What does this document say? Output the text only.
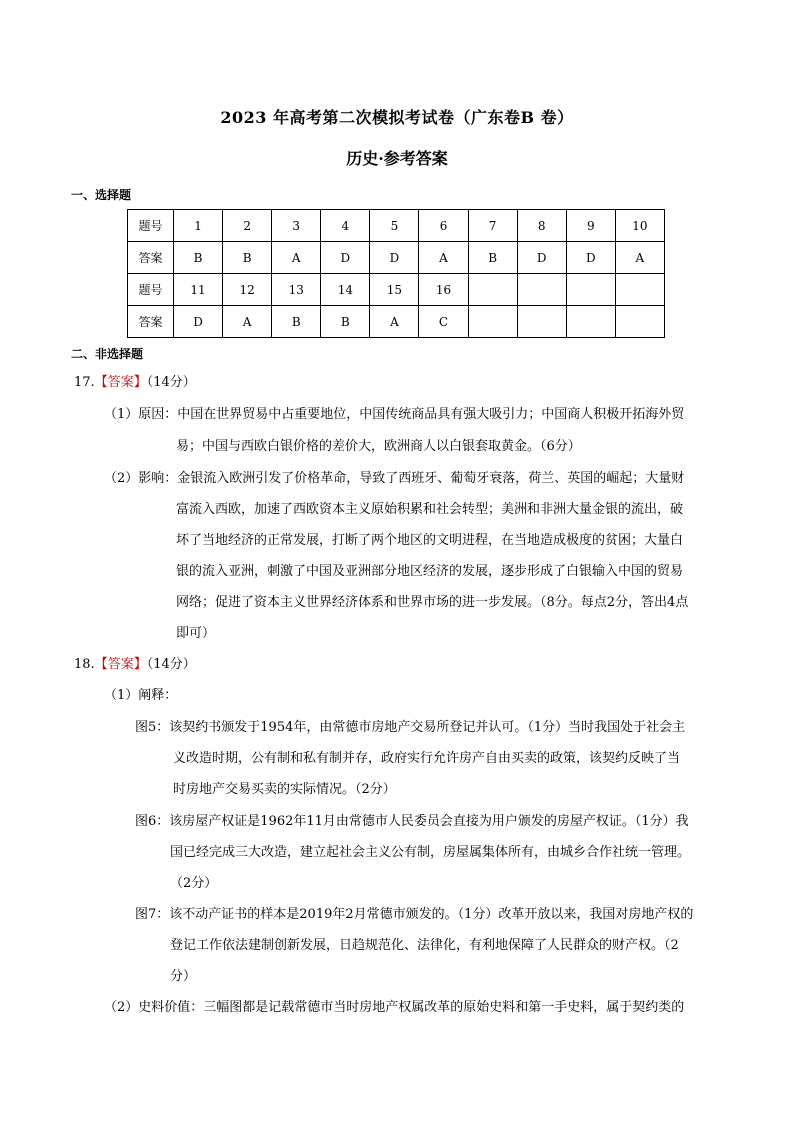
2023 年高考第二次模拟考试卷（广东卷B 卷）
历史·参考答案
一、选择题
题号	1	2	3	4	5	6	7	8	9	10
答案	B	B	A	D	D	A	B	D	D	A
题号	11	12	13	14	15	16				
答案	D	A	B	B	A	C				
二、非选择题
17.【答案】（14分）
（1）原因：中国在世界贸易中占重要地位，中国传统商品具有强大吸引力；中国商人积极开拓海外贸
易；中国与西欧白银价格的差价大，欧洲商人以白银套取黄金。（6分）
（2）影响：金银流入欧洲引发了价格革命，导致了西班牙、葡萄牙衰落，荷兰、英国的崛起；大量财
富流入西欧，加速了西欧资本主义原始积累和社会转型；美洲和非洲大量金银的流出，破
坏了当地经济的正常发展，打断了两个地区的文明进程，在当地造成极度的贫困；大量白
银的流入亚洲，刺激了中国及亚洲部分地区经济的发展，逐步形成了白银输入中国的贸易
网络；促进了资本主义世界经济体系和世界市场的进一步发展。（8分。每点2分，答出4点
即可）
18.【答案】（14分）
（1）阐释：
图5：该契约书颁发于1954年，由常德市房地产交易所登记并认可。（1分）当时我国处于社会主
义改造时期，公有制和私有制并存，政府实行允许房产自由买卖的政策，该契约反映了当
时房地产交易买卖的实际情况。（2分）
图6：该房屋产权证是1962年11月由常德市人民委员会直接为用户颁发的房屋产权证。（1分）我
国已经完成三大改造，建立起社会主义公有制，房屋属集体所有，由城乡合作社统一管理。
（2分）
图7：该不动产证书的样本是2019年2月常德市颁发的。（1分）改革开放以来，我国对房地产权的
登记工作依法建制创新发展，日趋规范化、法律化，有利地保障了人民群众的财产权。（2
分）
（2）史料价值：三幅图都是记载常德市当时房地产权属改革的原始史料和第一手史料，属于契约类的
